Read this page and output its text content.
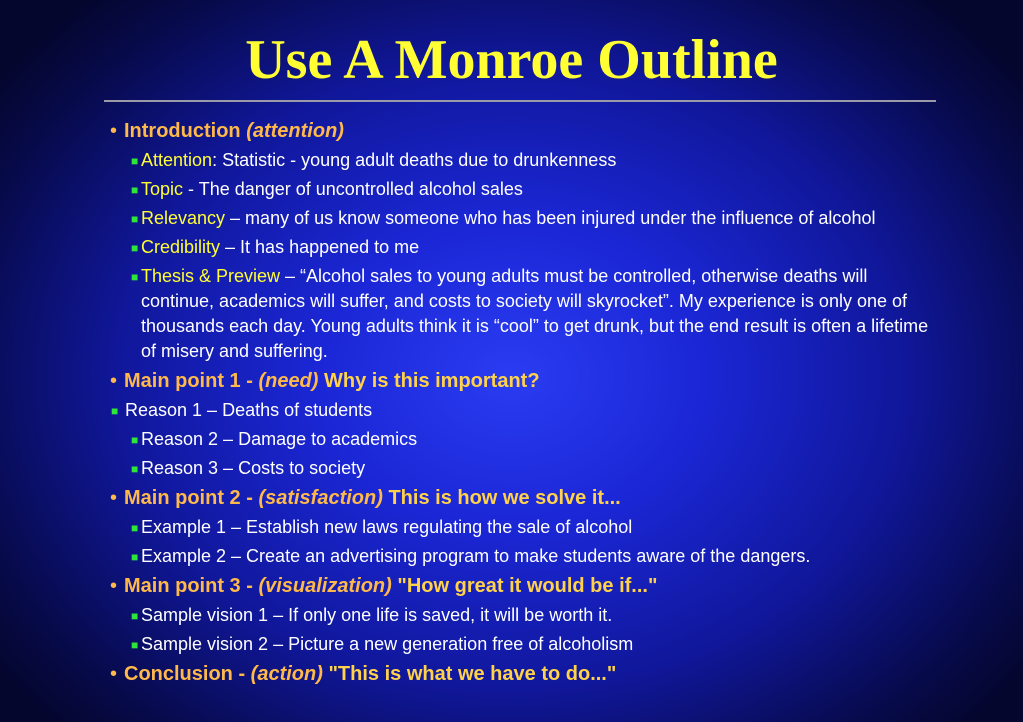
Use A Monroe Outline
• Introduction (attention)
■ Attention: Statistic - young adult deaths due to drunkenness
■ Topic - The danger of uncontrolled alcohol sales
■ Relevancy – many of us know someone who has been injured under the influence of alcohol
■ Credibility – It has happened to me
■ Thesis & Preview – “Alcohol sales to young adults must be controlled, otherwise deaths will continue, academics will suffer, and costs to society will skyrocket”. My experience is only one of thousands each day. Young adults think it is “cool” to get drunk, but the end result is often a lifetime of misery and suffering.
• Main point 1 - (need) Why is this important?
■ Reason 1 – Deaths of students
■ Reason 2 – Damage to academics
■ Reason 3 – Costs to society
• Main point 2 - (satisfaction) This is how we solve it...
■ Example 1 – Establish new laws regulating the sale of alcohol
■ Example 2 – Create an advertising program to make students aware of the dangers.
• Main point 3 - (visualization) "How great it would be if..."
■ Sample vision 1 – If only one life is saved, it will be worth it.
■ Sample vision 2 – Picture a new generation free of alcoholism
• Conclusion - (action) "This is what we have to do..."
